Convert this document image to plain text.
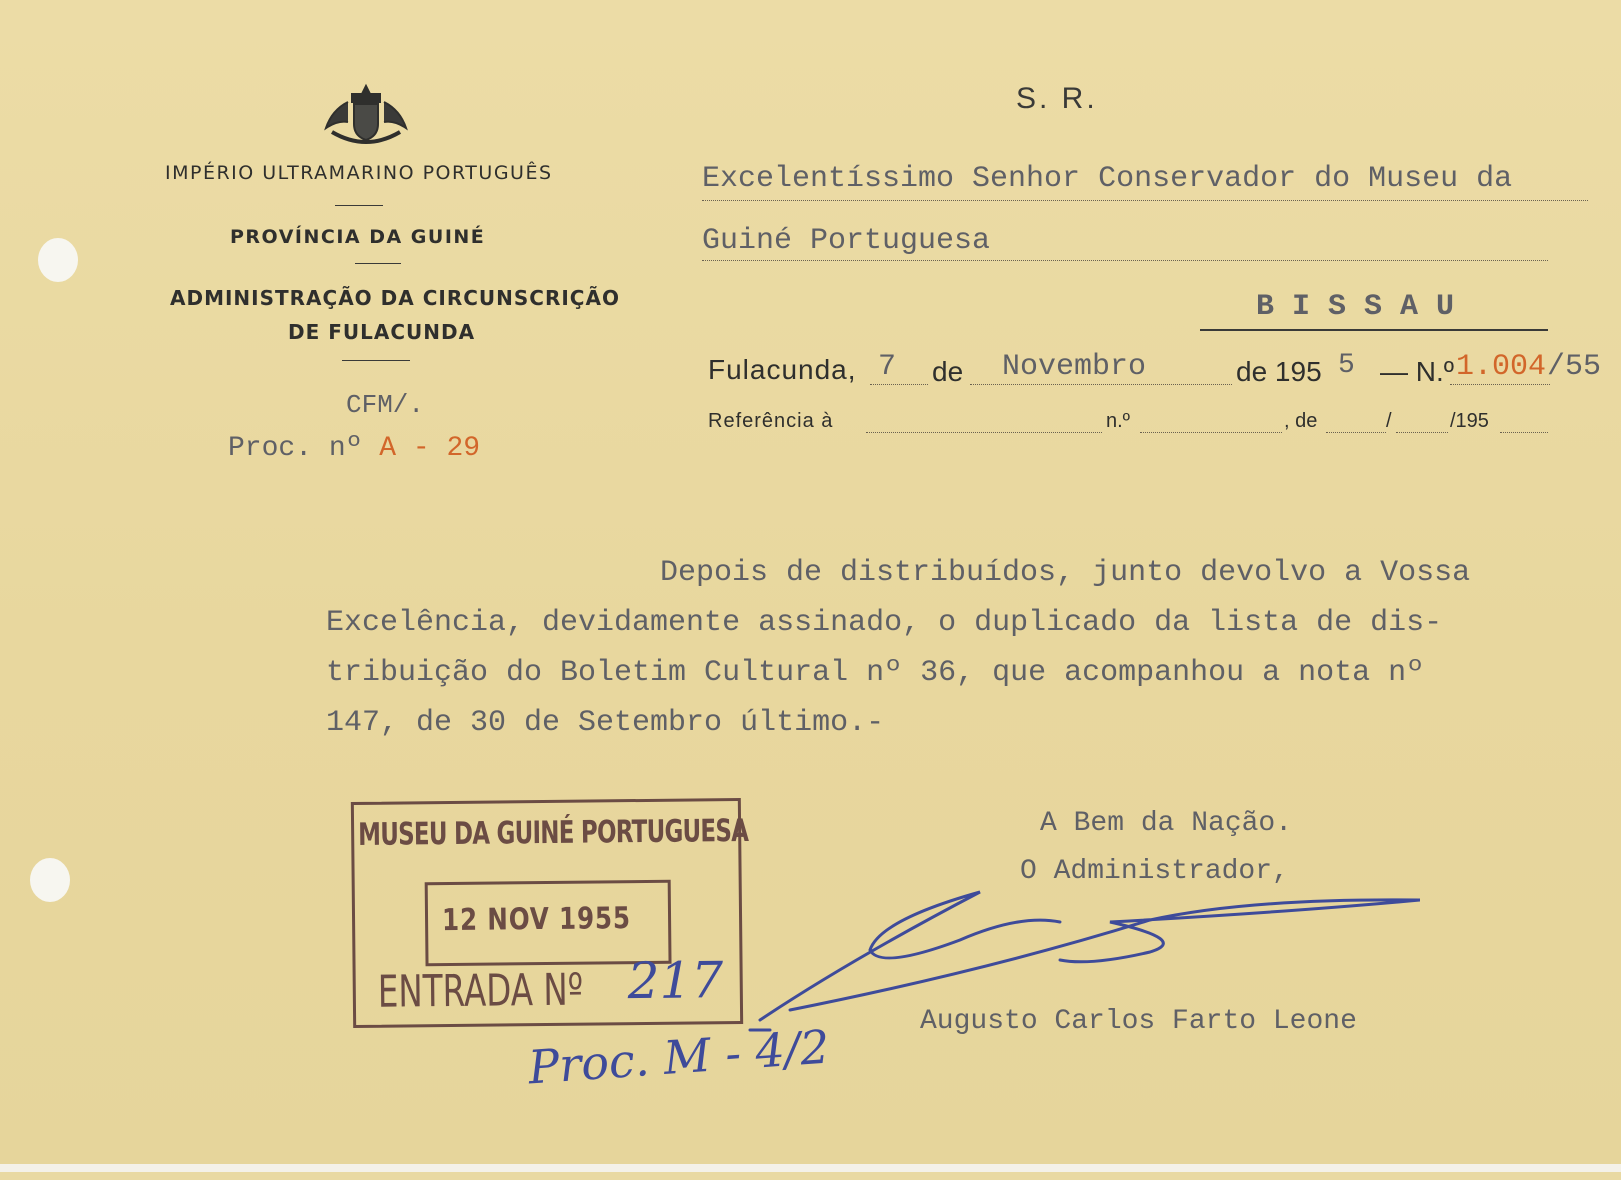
IMPÉRIO ULTRAMARINO PORTUGUÊS
PROVÍNCIA DA GUINÉ
ADMINISTRAÇÃO DA CIRCUNSCRIÇÃO
DE FULACUNDA
CFM/.
Proc. nº A - 29
S. R.
Excelentíssimo Senhor Conservador do Museu da
Guiné Portuguesa
B I S S A U
Fulacunda, 7 de Novembro	de 195 5 — N.º 1.004 /55
Referência à	n.º	, de	/	/195
Depois de distribuídos, junto devolvo a Vossa
Excelência, devidamente assinado, o duplicado da lista de dis-
tribuição do Boletim Cultural nº 36, que acompanhou a nota nº
147, de 30 de Setembro último.-
A Bem da Nação.
O Administrador,
Augusto Carlos Farto Leone
MUSEU DA GUINÉ PORTUGUESA
12 NOV 1955
ENTRADA Nº 217
Proc. M - 4/2
